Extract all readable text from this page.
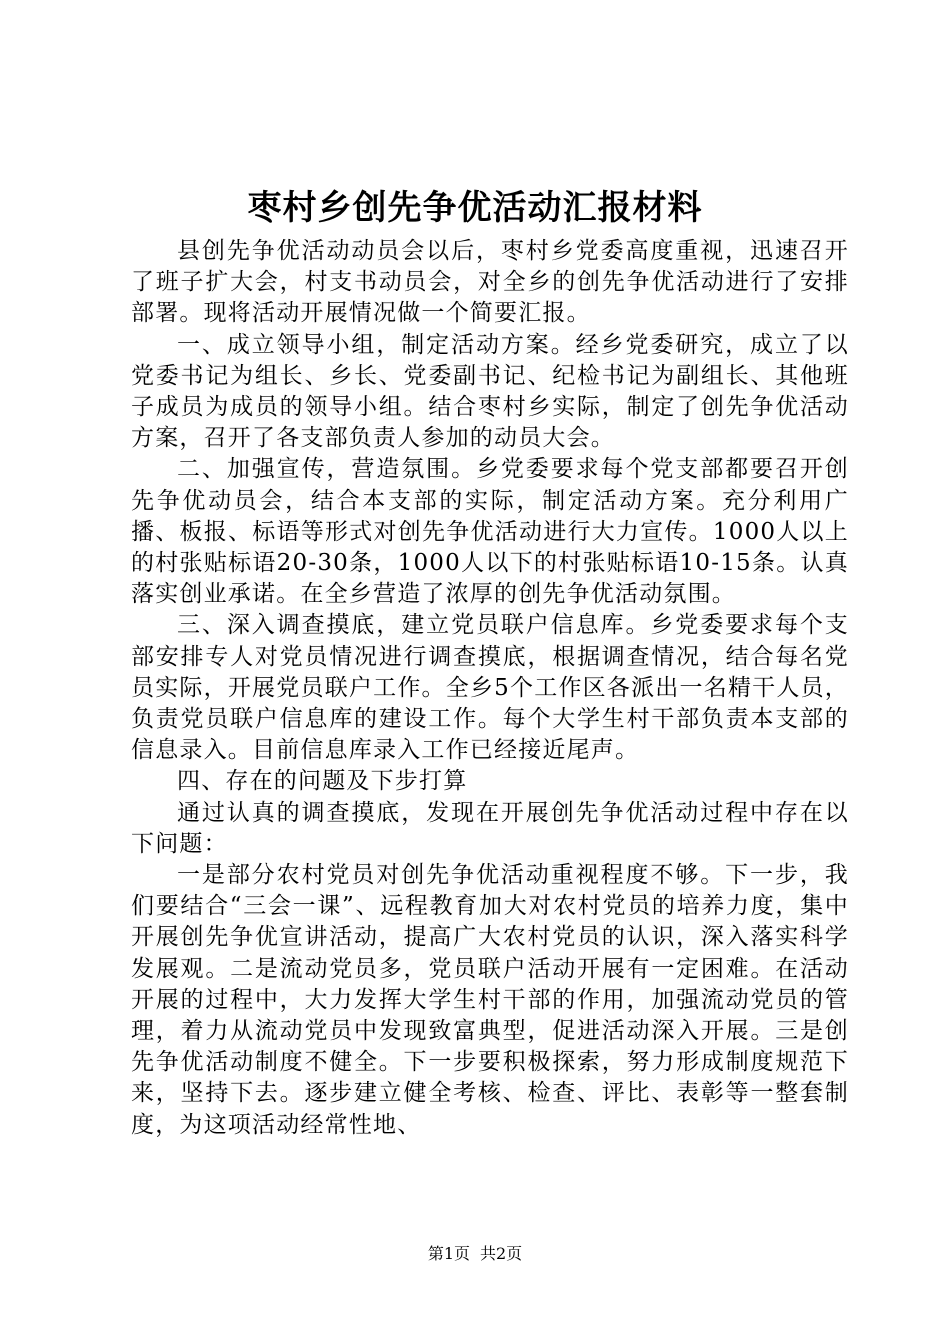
枣村乡创先争优活动汇报材料

县创先争优活动动员会以后，枣村乡党委高度重视，迅速召开了班子扩大会，村支书动员会，对全乡的创先争优活动进行了安排部署。现将活动开展情况做一个简要汇报。

一、成立领导小组，制定活动方案。经乡党委研究，成立了以党委书记为组长、乡长、党委副书记、纪检书记为副组长、其他班子成员为成员的领导小组。结合枣村乡实际，制定了创先争优活动方案，召开了各支部负责人参加的动员大会。

二、加强宣传，营造氛围。乡党委要求每个党支部都要召开创先争优动员会，结合本支部的实际，制定活动方案。充分利用广播、板报、标语等形式对创先争优活动进行大力宣传。1000人以上的村张贴标语20-30条，1000人以下的村张贴标语10-15条。认真落实创业承诺。在全乡营造了浓厚的创先争优活动氛围。

三、深入调查摸底，建立党员联户信息库。乡党委要求每个支部安排专人对党员情况进行调查摸底，根据调查情况，结合每名党员实际，开展党员联户工作。全乡5个工作区各派出一名精干人员，负责党员联户信息库的建设工作。每个大学生村干部负责本支部的信息录入。目前信息库录入工作已经接近尾声。

四、存在的问题及下步打算

通过认真的调查摸底，发现在开展创先争优活动过程中存在以下问题：

一是部分农村党员对创先争优活动重视程度不够。下一步，我们要结合“三会一课”、远程教育加大对农村党员的培养力度，集中开展创先争优宣讲活动，提高广大农村党员的认识，深入落实科学发展观。二是流动党员多，党员联户活动开展有一定困难。在活动开展的过程中，大力发挥大学生村干部的作用，加强流动党员的管理，着力从流动党员中发现致富典型，促进活动深入开展。三是创先争优活动制度不健全。下一步要积极探索，努力形成制度规范下来，坚持下去。逐步建立健全考核、检查、评比、表彰等一整套制度，为这项活动经常性地、

第1页 共2页
